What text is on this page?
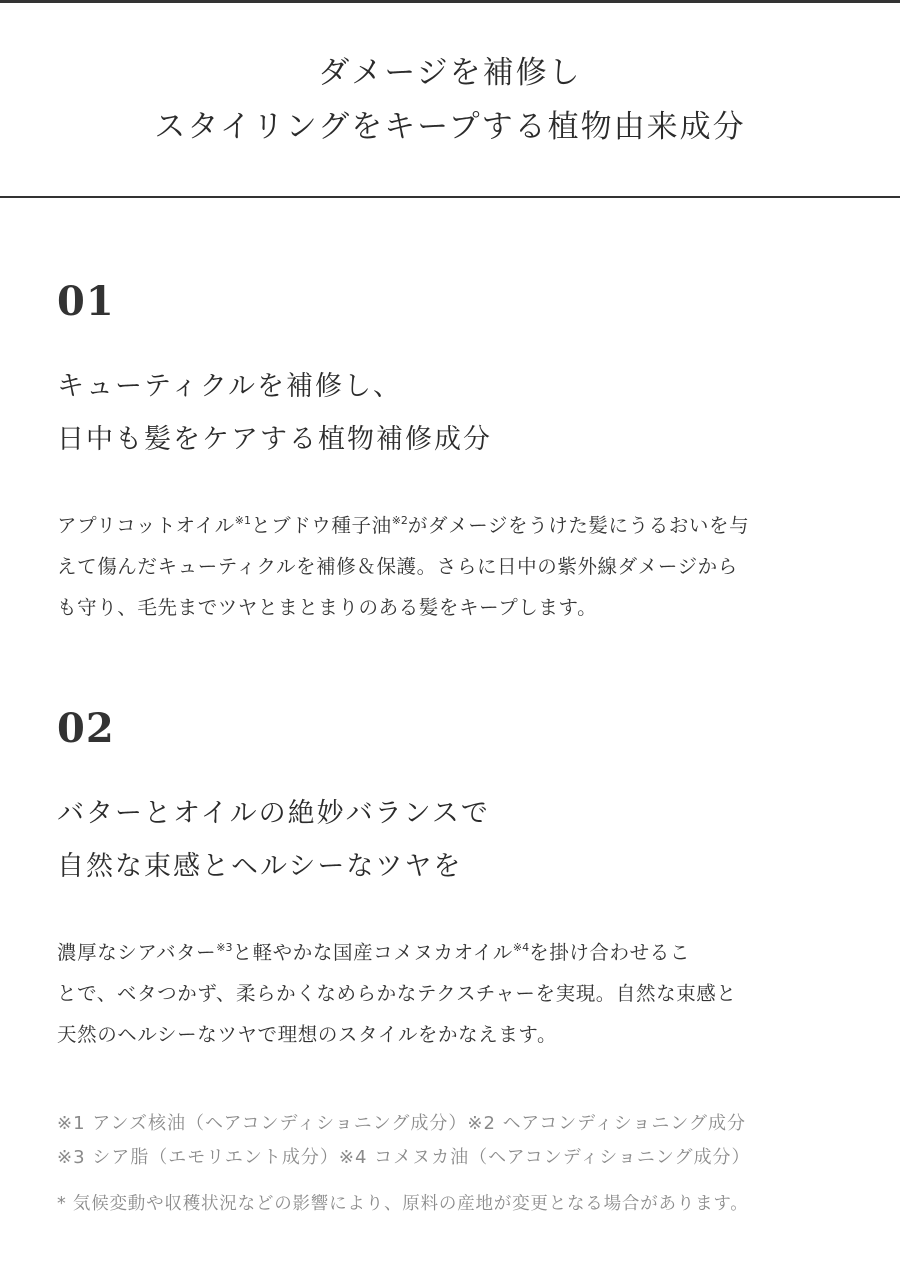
ダメージを補修し
スタイリングをキープする植物由来成分
01
キューティクルを補修し、
日中も髪をケアする植物補修成分
アプリコットオイル$^{※1}$とブドウ種子油$^{※2}$がダメージをうけた髪にうるおいを与
えて傷んだキューティクルを補修＆保護。さらに日中の紫外線ダメージから
も守り、毛先までツヤとまとまりのある髪をキープします。
02
バターとオイルの絶妙バランスで
自然な束感とヘルシーなツヤを
濃厚なシアバター$^{※3}$と軽やかな国産コメヌカオイル$^{※4}$を掛け合わせるこ
とで、ベタつかず、柔らかくなめらかなテクスチャーを実現。自然な束感と
天然のヘルシーなツヤで理想のスタイルをかなえます。
※1 アンズ核油（ヘアコンディショニング成分）※2 ヘアコンディショニング成分
※3 シア脂（エモリエント成分）※4 コメヌカ油（ヘアコンディショニング成分）
* 気候変動や収穫状況などの影響により、原料の産地が変更となる場合があります。
